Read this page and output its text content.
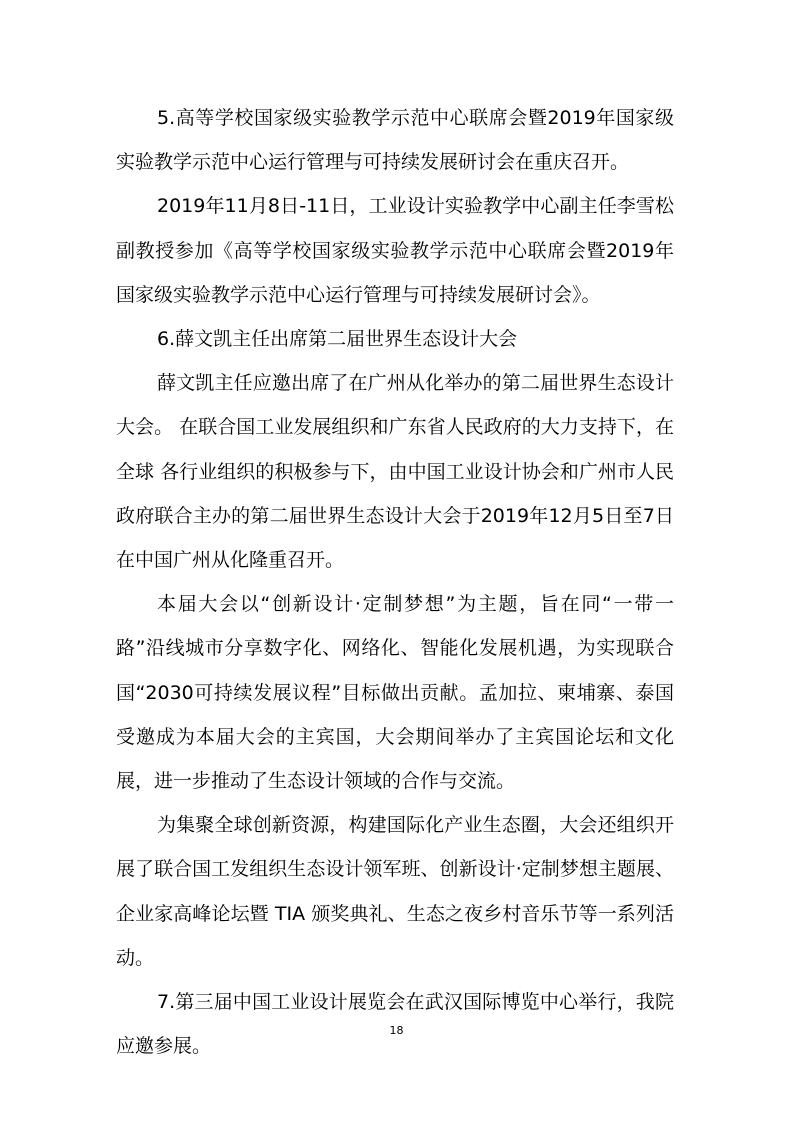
5.高等学校国家级实验教学示范中心联席会暨2019年国家级实验教学示范中心运行管理与可持续发展研讨会在重庆召开。

2019年11月8日-11日，工业设计实验教学中心副主任李雪松副教授参加《高等学校国家级实验教学示范中心联席会暨2019年国家级实验教学示范中心运行管理与可持续发展研讨会》。

6.薛文凯主任出席第二届世界生态设计大会

薛文凯主任应邀出席了在广州从化举办的第二届世界生态设计大会。 在联合国工业发展组织和广东省人民政府的大力支持下，在全球 各行业组织的积极参与下，由中国工业设计协会和广州市人民政府联合主办的第二届世界生态设计大会于2019年12月5日至7日在中国广州从化隆重召开。

本届大会以“创新设计·定制梦想”为主题，旨在同“一带一路”沿线城市分享数字化、网络化、智能化发展机遇，为实现联合国“2030可持续发展议程”目标做出贡献。孟加拉、柬埔寨、泰国受邀成为本届大会的主宾国，大会期间举办了主宾国论坛和文化展，进一步推动了生态设计领域的合作与交流。

为集聚全球创新资源，构建国际化产业生态圈，大会还组织开展了联合国工发组织生态设计领军班、创新设计·定制梦想主题展、企业家高峰论坛暨 TIA 颁奖典礼、生态之夜乡村音乐节等一系列活动。

7.第三届中国工业设计展览会在武汉国际博览中心举行，我院应邀参展。

18
